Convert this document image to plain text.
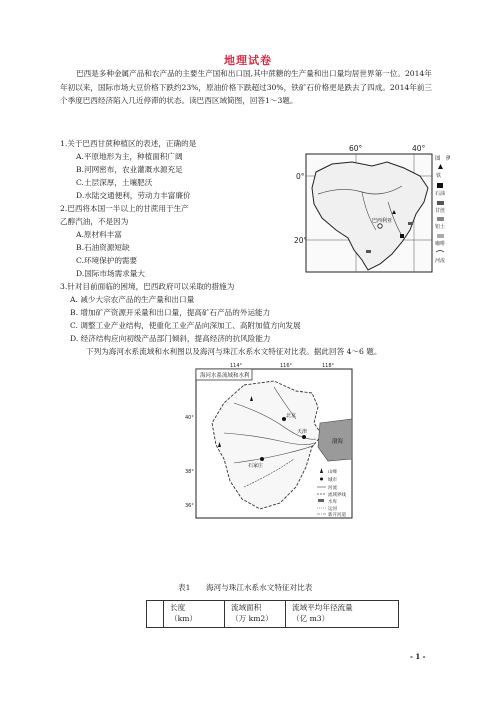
地理试卷
巴西是多种金属产品和农产品的主要生产国和出口国,其中蔗糖的生产量和出口量均居世界第一位。2014年年初以来，国际市场大豆价格下跌约23%，原油价格下跌超过30%，铁矿石价格更是跌去了四成。2014年前三个季度巴西经济陷入几近停滞的状态。读巴西区域简图，回答1～3题。
1.关于巴西甘蔗种植区的表述，正确的是
A.平原地形为主，种植面积广阔
B.河网密布，农业灌溉水源充足
C.土层深厚，土壤肥沃
D.水陆交通便利，劳动力丰富廉价
2.巴西将本国一半以上的甘蔗用于生产
乙醇汽油，不是因为
A.原材料丰富
B.石油资源短缺
C.环境保护的需要
D.国际市场需求量大
3.针对目前面临的困境，巴西政府可以采取的措施为
A. 减少大宗农产品的生产量和出口量
B. 增加矿产资源开采量和出口量，提高矿石产品的外运能力
C. 调整工业产业结构，使重化工业产品向深加工、高附加值方向发展
D. 经济结构应向初级产品部门倾斜，提高经济的抗风险能力
下列为海河水系流域和水利图以及海河与珠江水系水文特征对比表。据此回答 4～6 题。
60°	40°
0°
20°
巴西利亚
图　例
铁
石油
甘蔗
铝土
咖啡
河流
114°	116°	118°
海河水系流域和水利
40°
38°
36°
渤海
北京
天津
石家庄
山峰
城市
河流
流域界线
水库
运河
新开河道
表1 海河与珠江水系水文特征对比表

长度
（km）

流域面积
（万 km2）

流域平均年径流量
（亿 m3）
- 1 -
